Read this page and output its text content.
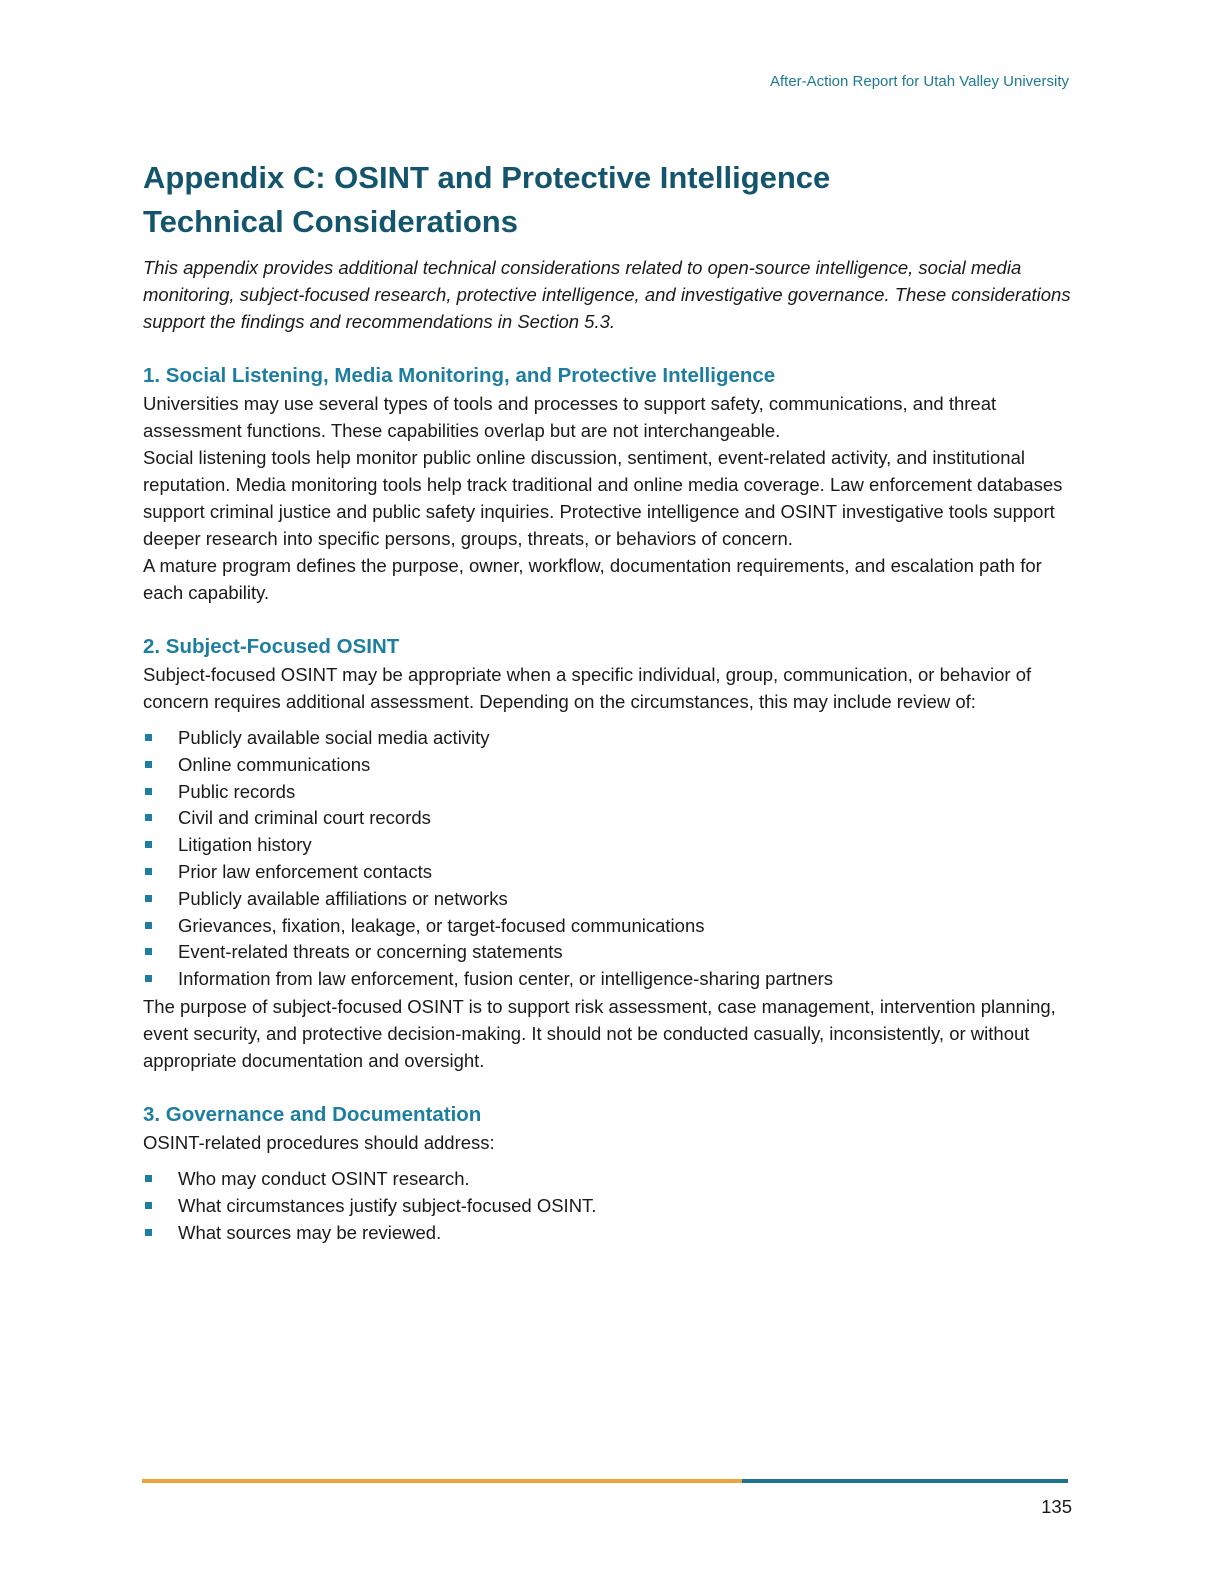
After-Action Report for Utah Valley University
Appendix C: OSINT and Protective Intelligence
Technical Considerations

This appendix provides additional technical considerations related to open-source intelligence, social media monitoring, subject-focused research, protective intelligence, and investigative governance. These considerations support the findings and recommendations in Section 5.3.

1. Social Listening, Media Monitoring, and Protective Intelligence

Universities may use several types of tools and processes to support safety, communications, and threat assessment functions. These capabilities overlap but are not interchangeable.

Social listening tools help monitor public online discussion, sentiment, event-related activity, and institutional reputation. Media monitoring tools help track traditional and online media coverage. Law enforcement databases support criminal justice and public safety inquiries. Protective intelligence and OSINT investigative tools support deeper research into specific persons, groups, threats, or behaviors of concern.

A mature program defines the purpose, owner, workflow, documentation requirements, and escalation path for each capability.

2. Subject-Focused OSINT

Subject-focused OSINT may be appropriate when a specific individual, group, communication, or behavior of concern requires additional assessment. Depending on the circumstances, this may include review of:

Publicly available social media activity
Online communications
Public records
Civil and criminal court records
Litigation history
Prior law enforcement contacts
Publicly available affiliations or networks
Grievances, fixation, leakage, or target-focused communications
Event-related threats or concerning statements
Information from law enforcement, fusion center, or intelligence-sharing partners

The purpose of subject-focused OSINT is to support risk assessment, case management, intervention planning, event security, and protective decision-making. It should not be conducted casually, inconsistently, or without appropriate documentation and oversight.

3. Governance and Documentation

OSINT-related procedures should address:

Who may conduct OSINT research.
What circumstances justify subject-focused OSINT.
What sources may be reviewed.
135
